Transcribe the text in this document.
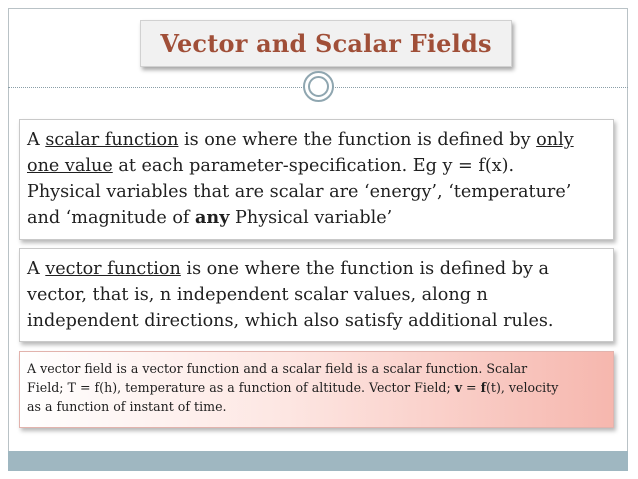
Vector and Scalar Fields
A scalar function is one where the function is defined by only
one value at each parameter-specification. Eg y = f(x).
Physical variables that are scalar are ‘energy’, ‘temperature’
and ‘magnitude of any Physical variable’
A vector function is one where the function is defined by a
vector, that is, n independent scalar values, along n
independent directions, which also satisfy additional rules.
A vector field is a vector function and a scalar field is a scalar function. Scalar
Field; T = f(h), temperature as a function of altitude. Vector Field; v = f(t), velocity
as a function of instant of time.
